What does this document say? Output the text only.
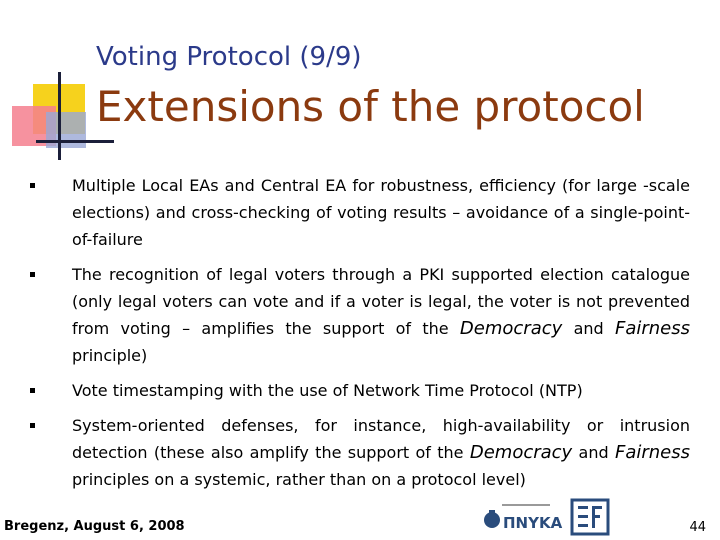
Voting Protocol (9/9)
Extensions of the protocol
Multiple Local EAs and Central EA for robustness, efficiency (for large -scale elections) and cross-checking of voting results – avoidance of a single-point-of-failure
The recognition of legal voters through a PKI supported election catalogue (only legal voters can vote and if a voter is legal, the voter is not prevented from voting – amplifies the support of the Democracy and Fairness principle)
Vote timestamping with the use of Network Time Protocol (NTP)
System-oriented defenses, for instance, high-availability or intrusion detection (these also amplify the support of the Democracy and Fairness principles on a systemic, rather than on a protocol level)
Bregenz, August 6, 2008	ΠNYKA	44
